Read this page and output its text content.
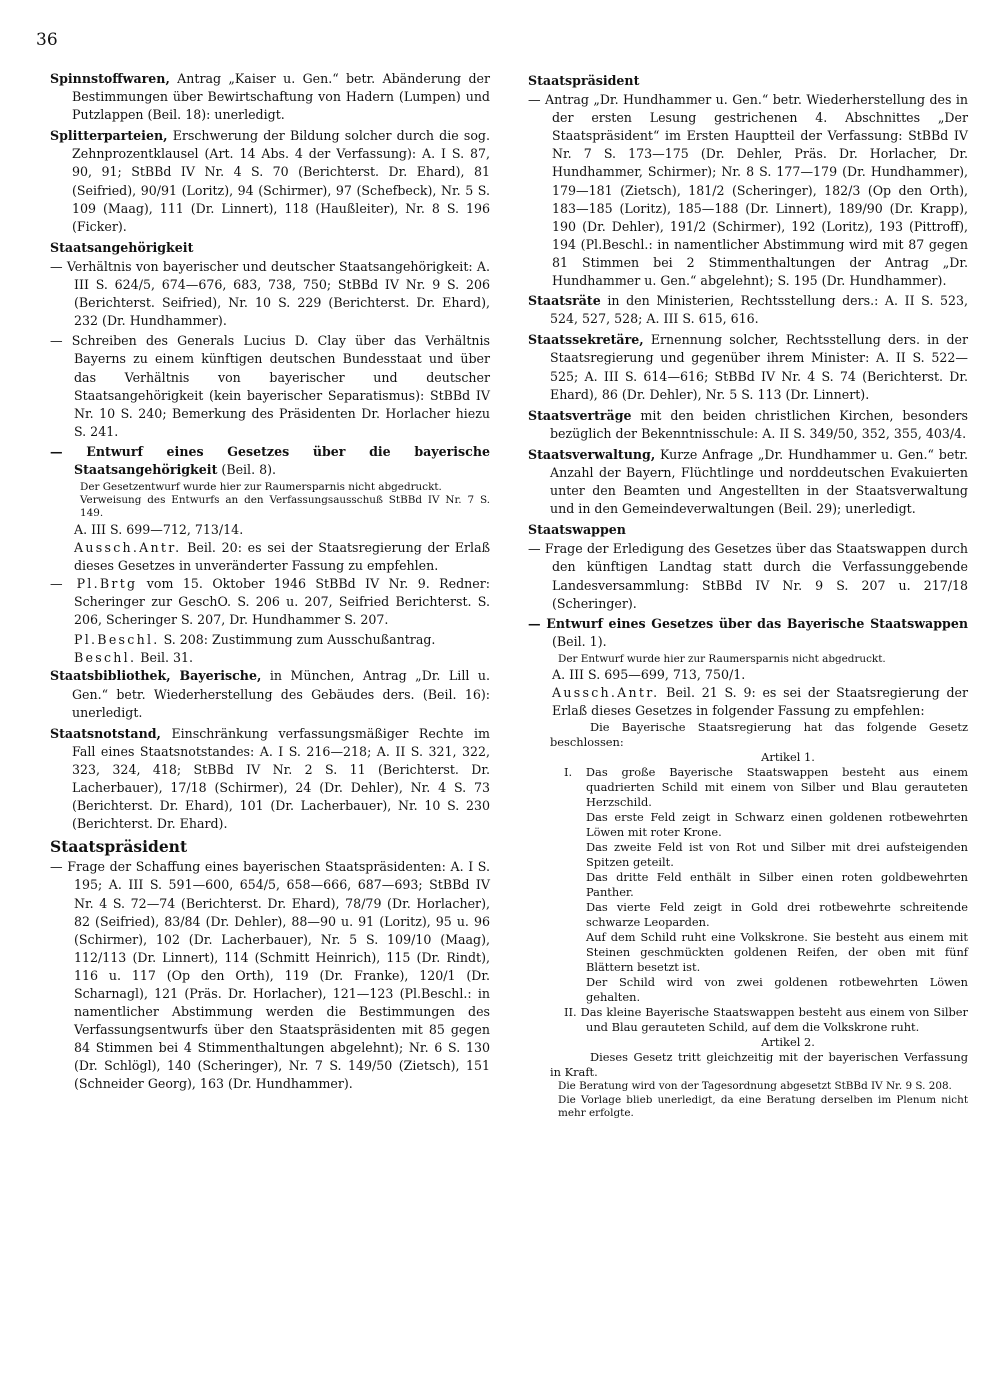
36

Spinnstoffwaren, Antrag „Kaiser u. Gen.“ betr. Abänderung der Bestimmungen über Bewirtschaftung von Hadern (Lumpen) und Putzlappen (Beil. 18): unerledigt.

Splitterparteien, Erschwerung der Bildung solcher durch die sog. Zehnprozentklausel (Art. 14 Abs. 4 der Verfassung): A. I S. 87, 90, 91; StBBd IV Nr. 4 S. 70 (Berichterst. Dr. Ehard), 81 (Seifried), 90/91 (Loritz), 94 (Schirmer), 97 (Schefbeck), Nr. 5 S. 109 (Maag), 111 (Dr. Linnert), 118 (Haußleiter), Nr. 8 S. 196 (Ficker).

Staatsangehörigkeit

— Verhältnis von bayerischer und deutscher Staatsangehörigkeit: A. III S. 624/5, 674—676, 683, 738, 750; StBBd IV Nr. 9 S. 206 (Berichterst. Seifried), Nr. 10 S. 229 (Berichterst. Dr. Ehard), 232 (Dr. Hundhammer).

— Schreiben des Generals Lucius D. Clay über das Verhältnis Bayerns zu einem künftigen deutschen Bundesstaat und über das Verhältnis von bayerischer und deutscher Staatsangehörigkeit (kein bayerischer Separatismus): StBBd IV Nr. 10 S. 240; Bemerkung des Präsidenten Dr. Horlacher hiezu S. 241.

— Entwurf eines Gesetzes über die bayerische Staatsangehörigkeit (Beil. 8).

Der Gesetzentwurf wurde hier zur Raumersparnis nicht abgedruckt.

Verweisung des Entwurfs an den Verfassungsausschuß StBBd IV Nr. 7 S. 149.

A. III S. 699—712, 713/14.

Aussch.Antr. Beil. 20: es sei der Staatsregierung der Erlaß dieses Gesetzes in unveränderter Fassung zu empfehlen.

— Pl.Brtg vom 15. Oktober 1946 StBBd IV Nr. 9. Redner: Scheringer zur GeschO. S. 206 u. 207, Seifried Berichterst. S. 206, Scheringer S. 207, Dr. Hundhammer S. 207.

Pl.Beschl. S. 208: Zustimmung zum Ausschußantrag.

Beschl. Beil. 31.

Staatsbibliothek, Bayerische, in München, Antrag „Dr. Lill u. Gen.“ betr. Wiederherstellung des Gebäudes ders. (Beil. 16): unerledigt.

Staatsnotstand, Einschränkung verfassungsmäßiger Rechte im Fall eines Staatsnotstandes: A. I S. 216—218; A. II S. 321, 322, 323, 324, 418; StBBd IV Nr. 2 S. 11 (Berichterst. Dr. Lacherbauer), 17/18 (Schirmer), 24 (Dr. Dehler), Nr. 4 S. 73 (Berichterst. Dr. Ehard), 101 (Dr. Lacherbauer), Nr. 10 S. 230 (Berichterst. Dr. Ehard).

Staatspräsident

— Frage der Schaffung eines bayerischen Staatspräsidenten: A. I S. 195; A. III S. 591—600, 654/5, 658—666, 687—693; StBBd IV Nr. 4 S. 72—74 (Berichterst. Dr. Ehard), 78/79 (Dr. Horlacher), 82 (Seifried), 83/84 (Dr. Dehler), 88—90 u. 91 (Loritz), 95 u. 96 (Schirmer), 102 (Dr. Lacherbauer), Nr. 5 S. 109/10 (Maag), 112/113 (Dr. Linnert), 114 (Schmitt Heinrich), 115 (Dr. Rindt), 116 u. 117 (Op den Orth), 119 (Dr. Franke), 120/1 (Dr. Scharnagl), 121 (Präs. Dr. Horlacher), 121—123 (Pl.Beschl.: in namentlicher Abstimmung werden die Bestimmungen des Verfassungsentwurfs über den Staatspräsidenten mit 85 gegen 84 Stimmen bei 4 Stimmenthaltungen abgelehnt); Nr. 6 S. 130 (Dr. Schlögl), 140 (Scheringer), Nr. 7 S. 149/50 (Zietsch), 151 (Schneider Georg), 163 (Dr. Hundhammer).

Staatspräsident

— Antrag „Dr. Hundhammer u. Gen.“ betr. Wiederherstellung des in der ersten Lesung gestrichenen 4. Abschnittes „Der Staatspräsident“ im Ersten Hauptteil der Verfassung: StBBd IV Nr. 7 S. 173—175 (Dr. Dehler, Präs. Dr. Horlacher, Dr. Hundhammer, Schirmer); Nr. 8 S. 177—179 (Dr. Hundhammer), 179—181 (Zietsch), 181/2 (Scheringer), 182/3 (Op den Orth), 183—185 (Loritz), 185—188 (Dr. Linnert), 189/90 (Dr. Krapp), 190 (Dr. Dehler), 191/2 (Schirmer), 192 (Loritz), 193 (Pittroff), 194 (Pl.Beschl.: in namentlicher Abstimmung wird mit 87 gegen 81 Stimmen bei 2 Stimmenthaltungen der Antrag „Dr. Hundhammer u. Gen.“ abgelehnt); S. 195 (Dr. Hundhammer).

Staatsräte in den Ministerien, Rechtsstellung ders.: A. II S. 523, 524, 527, 528; A. III S. 615, 616.

Staatssekretäre, Ernennung solcher, Rechtsstellung ders. in der Staatsregierung und gegenüber ihrem Minister: A. II S. 522—525; A. III S. 614—616; StBBd IV Nr. 4 S. 74 (Berichterst. Dr. Ehard), 86 (Dr. Dehler), Nr. 5 S. 113 (Dr. Linnert).

Staatsverträge mit den beiden christlichen Kirchen, besonders bezüglich der Bekenntnisschule: A. II S. 349/50, 352, 355, 403/4.

Staatsverwaltung, Kurze Anfrage „Dr. Hundhammer u. Gen.“ betr. Anzahl der Bayern, Flüchtlinge und norddeutschen Evakuierten unter den Beamten und Angestellten in der Staatsverwaltung und in den Gemeindeverwaltungen (Beil. 29); unerledigt.

Staatswappen

— Frage der Erledigung des Gesetzes über das Staatswappen durch den künftigen Landtag statt durch die Verfassunggebende Landesversammlung: StBBd IV Nr. 9 S. 207 u. 217/18 (Scheringer).

— Entwurf eines Gesetzes über das Bayerische Staatswappen (Beil. 1).

Der Entwurf wurde hier zur Raumersparnis nicht abgedruckt.

A. III S. 695—699, 713, 750/1.

Aussch.Antr. Beil. 21 S. 9: es sei der Staatsregierung der Erlaß dieses Gesetzes in folgender Fassung zu empfehlen:

Die Bayerische Staatsregierung hat das folgende Gesetz beschlossen:

Artikel 1.

I. Das große Bayerische Staatswappen besteht aus einem quadrierten Schild mit einem von Silber und Blau gerauteten Herzschild.

Das erste Feld zeigt in Schwarz einen goldenen rotbewehrten Löwen mit roter Krone.

Das zweite Feld ist von Rot und Silber mit drei aufsteigenden Spitzen geteilt.

Das dritte Feld enthält in Silber einen roten goldbewehrten Panther.

Das vierte Feld zeigt in Gold drei rotbewehrte schreitende schwarze Leoparden.

Auf dem Schild ruht eine Volkskrone. Sie besteht aus einem mit Steinen geschmückten goldenen Reifen, der oben mit fünf Blättern besetzt ist.

Der Schild wird von zwei goldenen rotbewehrten Löwen gehalten.

II. Das kleine Bayerische Staatswappen besteht aus einem von Silber und Blau gerauteten Schild, auf dem die Volkskrone ruht.

Artikel 2.

Dieses Gesetz tritt gleichzeitig mit der bayerischen Verfassung in Kraft.

Die Beratung wird von der Tagesordnung abgesetzt StBBd IV Nr. 9 S. 208.

Die Vorlage blieb unerledigt, da eine Beratung derselben im Plenum nicht mehr erfolgte.
